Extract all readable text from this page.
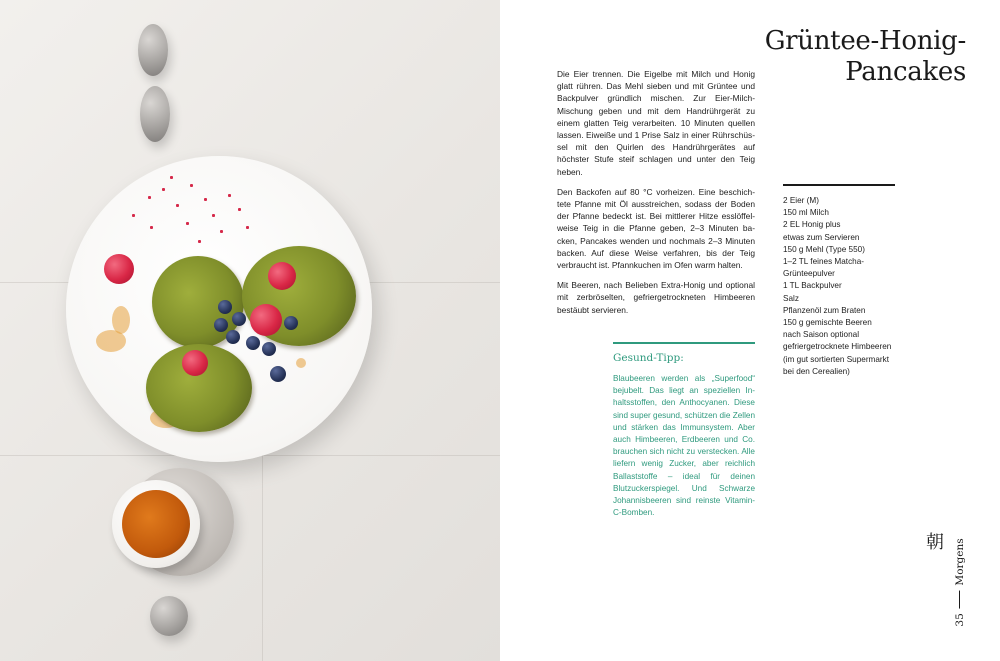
Grüntee-Honig-
Pancakes

Die Eier trennen. Die Eigelbe mit Milch und Honig glatt rühren. Das Mehl sieben und mit Grüntee und Backpulver gründlich mischen. Zur Eier-Milch-Mischung geben und mit dem Handrührgerät zu einem glatten Teig verarbeiten. 10 Minuten quellen lassen. Eiweiße und 1 Prise Salz in einer Rührschüssel mit den Quirlen des Handrührgerätes auf höchster Stufe steif schlagen und unter den Teig heben.

Den Backofen auf 80 °C vorheizen. Eine beschichtete Pfanne mit Öl ausstreichen, sodass der Boden der Pfanne bedeckt ist. Bei mittlerer Hitze esslöffelweise Teig in die Pfanne geben, 2–3 Minuten backen, Pancakes wenden und nochmals 2–3 Minuten backen. Auf diese Weise verfahren, bis der Teig verbraucht ist. Pfannkuchen im Ofen warm halten.

Mit Beeren, nach Belieben Extra-Honig und optional mit zerbröselten, gefriergetrockneten Himbeeren bestäubt servieren.

Gesund-Tipp:

Blaubeeren werden als „Superfood“ bejubelt. Das liegt an speziellen Inhaltsstoffen, den Anthocyanen. Diese sind super gesund, schützen die Zellen und stärken das Immunsystem. Aber auch Himbeeren, Erdbeeren und Co. brauchen sich nicht zu verstecken. Alle liefern wenig Zucker, aber reichlich Ballaststoffe – ideal für deinen Blutzuckerspiegel. Und Schwarze Johannisbeeren sind reinste Vitamin-C-Bomben.

2 Eier (M)
150 ml Milch
2 EL Honig plus
etwas zum Servieren
150 g Mehl (Type 550)
1–2 TL feines Matcha-
Grünteepulver
1 TL Backpulver
Salz
Pflanzenöl zum Braten
150 g gemischte Beeren
nach Saison optional
gefriergetrocknete Himbeeren
(im gut sortierten Supermarkt
bei den Cerealien)
朝
35
Morgens
